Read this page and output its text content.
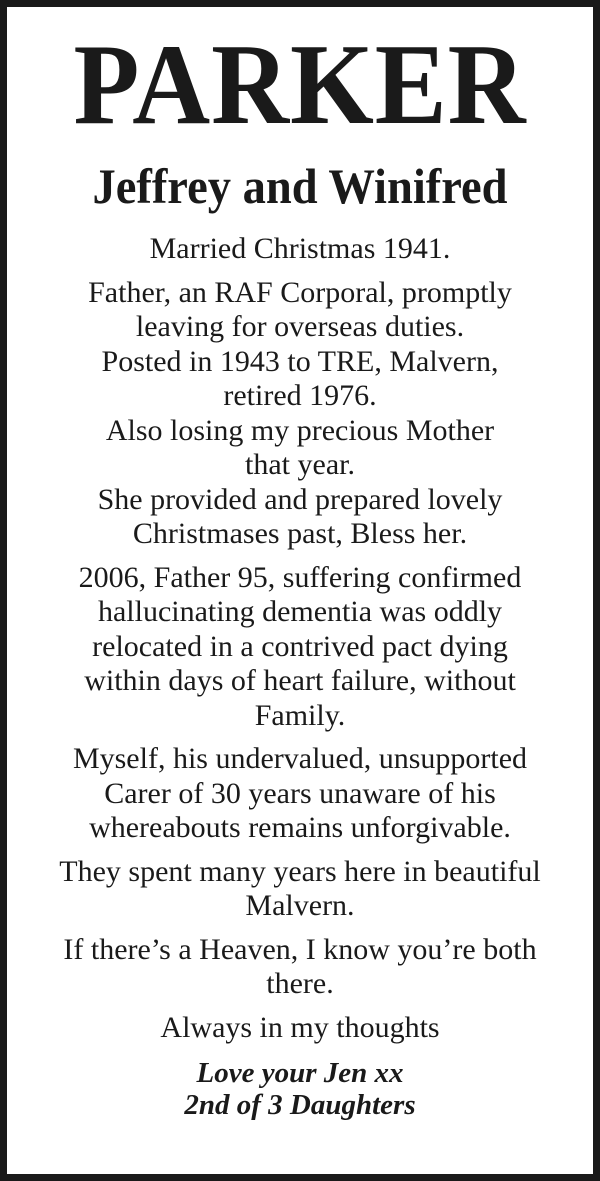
PARKER
Jeffrey and Winifred

Married Christmas 1941.

Father, an RAF Corporal, promptly
leaving for overseas duties.
Posted in 1943 to TRE, Malvern,
retired 1976.
Also losing my precious Mother
that year.
She provided and prepared lovely
Christmases past, Bless her.

2006, Father 95, suffering confirmed
hallucinating dementia was oddly
relocated in a contrived pact dying
within days of heart failure, without
Family.

Myself, his undervalued, unsupported
Carer of 30 years unaware of his
whereabouts remains unforgivable.

They spent many years here in beautiful
Malvern.

If there’s a Heaven, I know you’re both
there.

Always in my thoughts

Love your Jen xx
2nd of 3 Daughters
